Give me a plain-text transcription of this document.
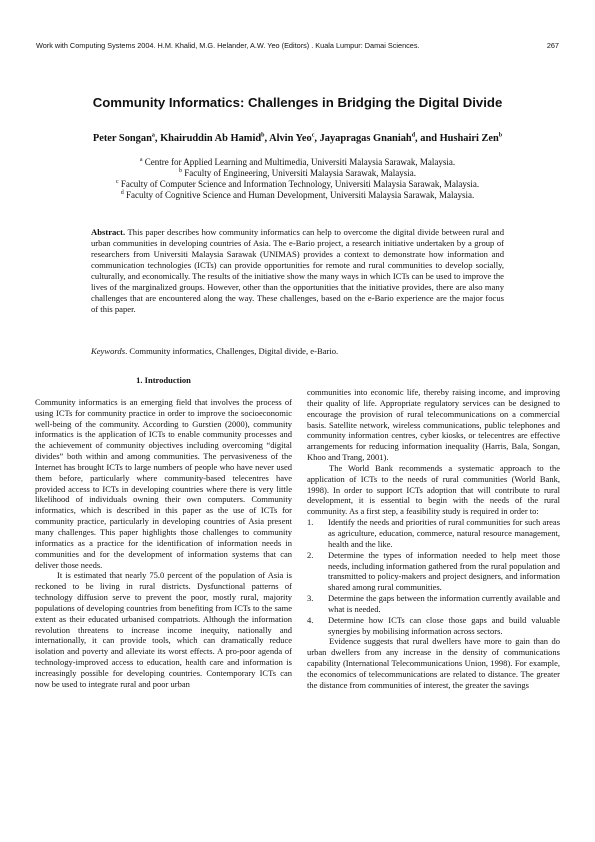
Work with Computing Systems 2004. H.M. Khalid, M.G. Helander, A.W. Yeo (Editors) . Kuala Lumpur: Damai Sciences.	267
Community Informatics: Challenges in Bridging the Digital Divide
Peter Songan$^a$, Khairuddin Ab Hamid$^b$, Alvin Yeo$^c$, Jayapragas Gnaniah$^d$, and Hushairi Zen$^b$
$^a$ Centre for Applied Learning and Multimedia, Universiti Malaysia Sarawak, Malaysia.
$^b$ Faculty of Engineering, Universiti Malaysia Sarawak, Malaysia.
$^c$ Faculty of Computer Science and Information Technology, Universiti Malaysia Sarawak, Malaysia.
$^d$ Faculty of Cognitive Science and Human Development, Universiti Malaysia Sarawak, Malaysia.
Abstract. This paper describes how community informatics can help to overcome the digital divide between rural and urban communities in developing countries of Asia. The e-Bario project, a research initiative undertaken by a group of researchers from Universiti Malaysia Sarawak (UNIMAS) provides a context to demonstrate how information and communication technologies (ICTs) can provide opportunities for remote and rural communities to develop socially, culturally, and economically. The results of the initiative show the many ways in which ICTs can be used to improve the lives of the marginalized groups. However, other than the opportunities that the initiative provides, there are also many challenges that are encountered along the way. These challenges, based on the e-Bario experience are the major focus of this paper.
Keywords. Community informatics, Challenges, Digital divide, e-Bario.
1. Introduction

Community informatics is an emerging field that involves the process of using ICTs for community practice in order to improve the socioeconomic well-being of the community. According to Gurstien (2000), community informatics is the application of ICTs to enable community processes and the achievement of community objectives including overcoming “digital divides” both within and among communities. The pervasiveness of the Internet has brought ICTs to large numbers of people who have never used them before, particularly where community-based telecentres have provided access to ICTs in developing countries where there is very little likelihood of individuals owning their own computers. Community informatics, which is described in this paper as the use of ICTs for community practice, particularly in developing countries of Asia present many challenges. This paper highlights those challenges to community informatics as a practice for the identification of information needs in communities and for the development of information systems that can deliver those needs.

It is estimated that nearly 75.0 percent of the population of Asia is reckoned to be living in rural districts. Dysfunctional patterns of technology diffusion serve to prevent the poor, mostly rural, majority populations of developing countries from benefiting from ICTs to the same extent as their educated urbanised compatriots. Although the information revolution threatens to increase income inequity, nationally and internationally, it can provide tools, which can dramatically reduce isolation and poverty and alleviate its worst effects. A pro-poor agenda of technology-improved access to education, health care and information is increasingly possible for developing countries. Contemporary ICTs can now be used to integrate rural and poor urban

communities into economic life, thereby raising income, and improving their quality of life. Appropriate regulatory services can be designed to encourage the provision of rural telecommunications on a commercial basis. Satellite network, wireless communications, public telephones and community information centres, cyber kiosks, or telecentres are effective arrangements for reducing information inequality (Harris, Bala, Songan, Khoo and Trang, 2001).

The World Bank recommends a systematic approach to the application of ICTs to the needs of rural communities (World Bank, 1998). In order to support ICTs adoption that will contribute to rural development, it is essential to begin with the needs of the rural community. As a first step, a feasibility study is required in order to:

1.	Identify the needs and priorities of rural communities for such areas as agriculture, education, commerce, natural resource management, health and the like.
2.	Determine the types of information needed to help meet those needs, including information gathered from the rural population and transmitted to policy-makers and project designers, and information shared among rural communities.
3.	Determine the gaps between the information currently available and what is needed.
4.	Determine how ICTs can close those gaps and build valuable synergies by mobilising information across sectors.

Evidence suggests that rural dwellers have more to gain than do urban dwellers from any increase in the density of communications capability (International Telecommunications Union, 1998). For example, the economics of telecommunications are related to distance. The greater the distance from communities of interest, the greater the savings
